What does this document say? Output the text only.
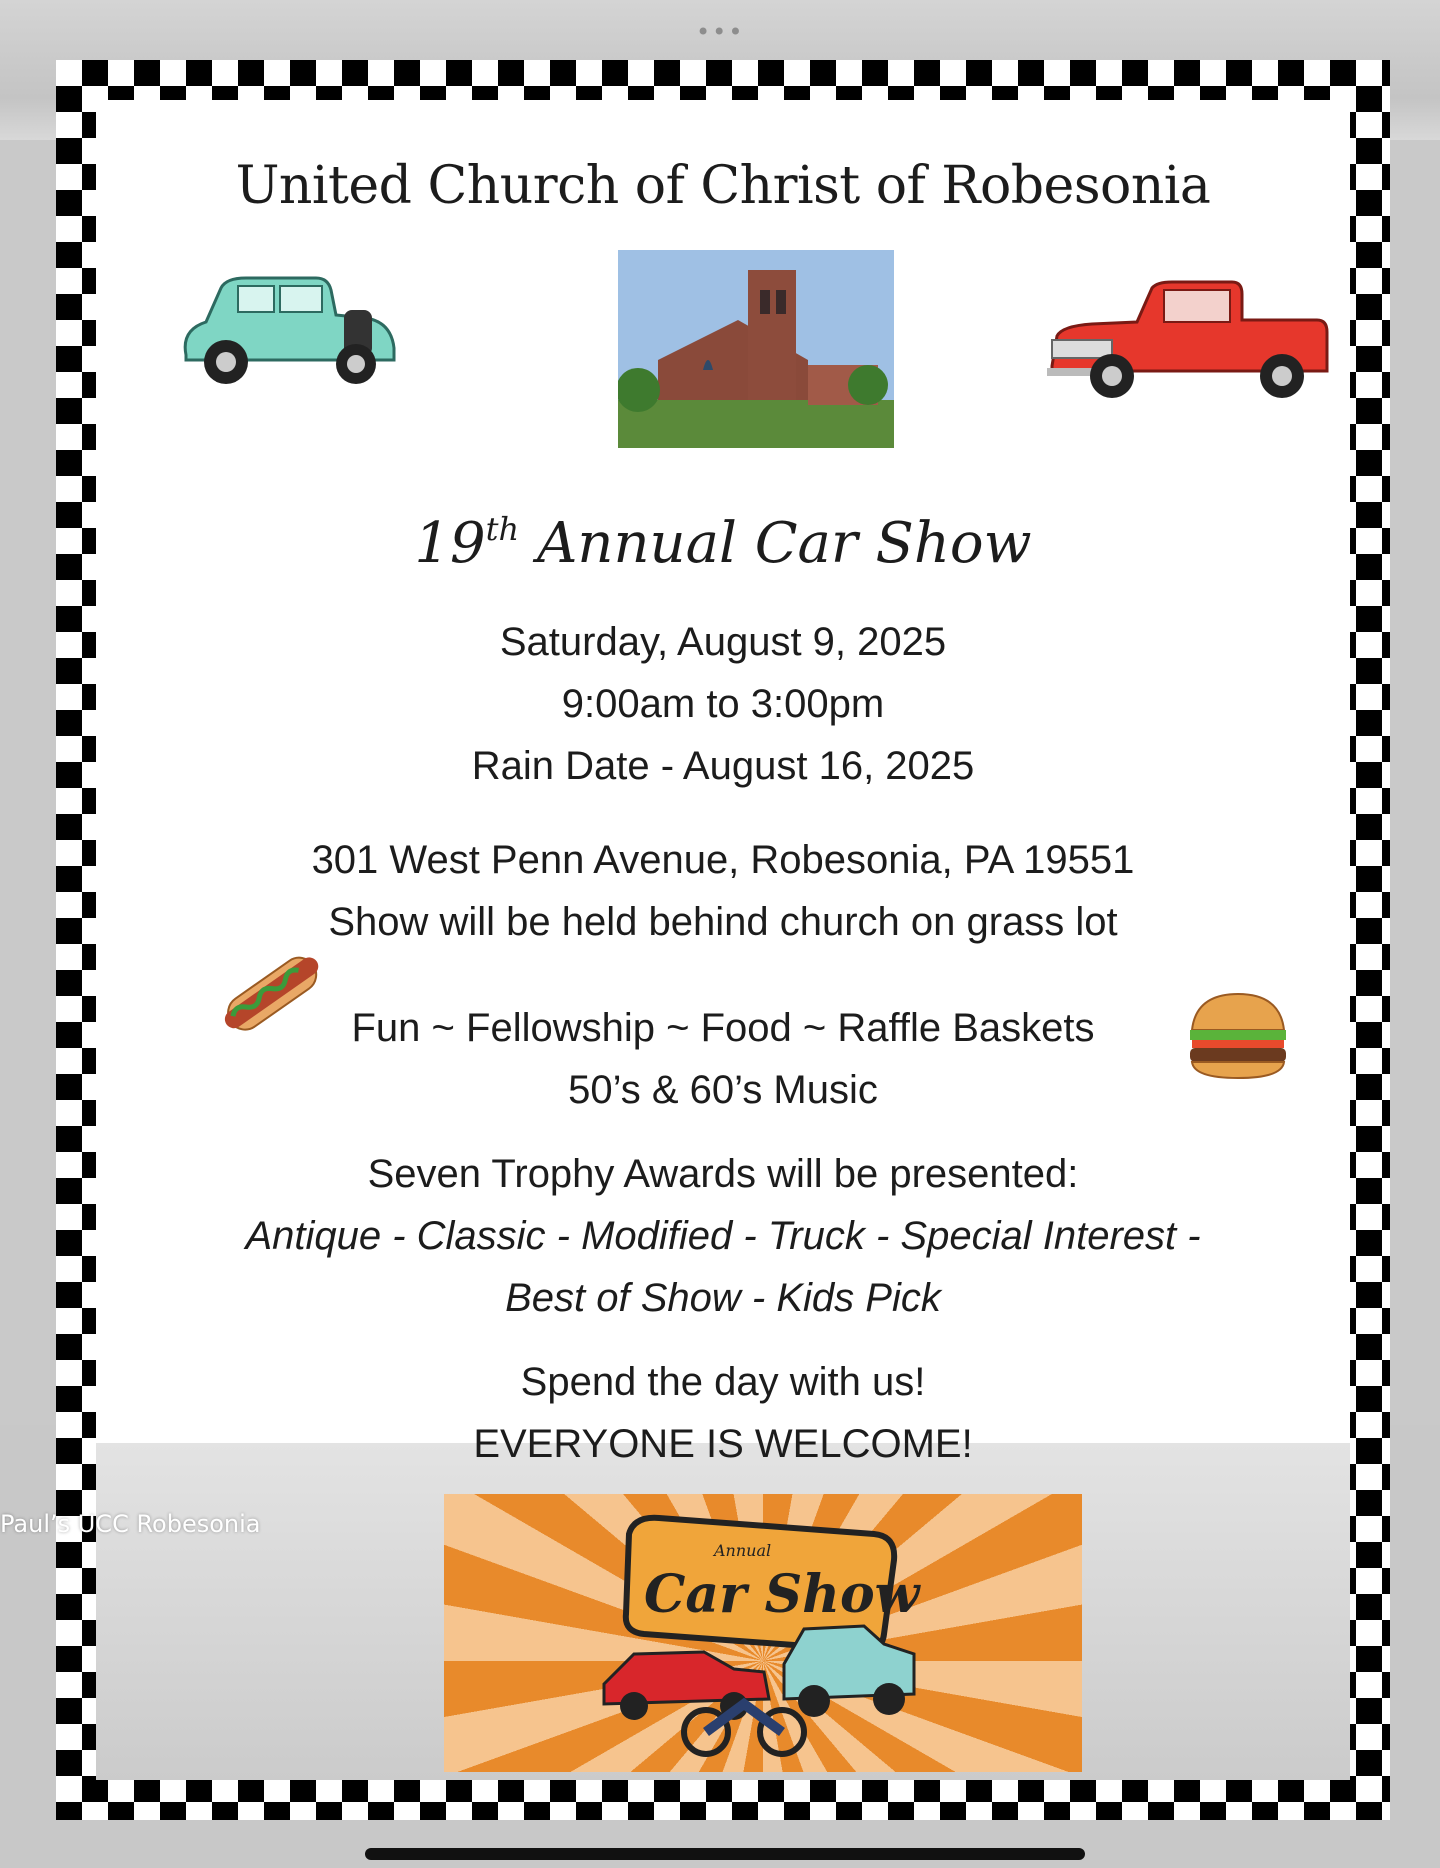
•••
United Church of Christ of Robesonia
19th Annual Car Show
Saturday, August 9, 2025
9:00am to 3:00pm
Rain Date - August 16, 2025
301 West Penn Avenue, Robesonia, PA 19551
Show will be held behind church on grass lot
Fun ~ Fellowship ~ Food ~ Raffle Baskets
50’s & 60’s Music
Seven Trophy Awards will be presented:
Antique - Classic - Modified - Truck - Special Interest -
Best of Show - Kids Pick
Spend the day with us!
EVERYONE IS WELCOME!
Annual
Car Show
Paul’s UCC Robesonia
